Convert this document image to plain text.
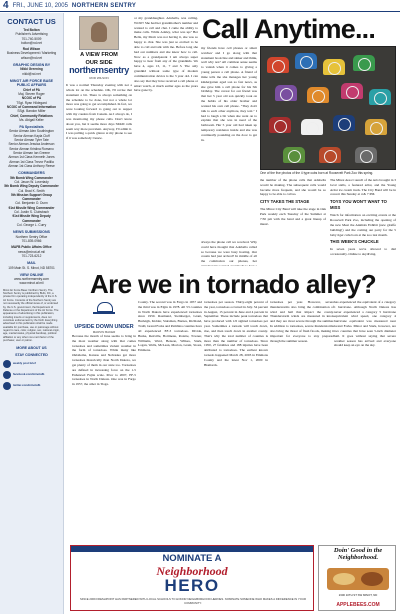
4 FRI., JUNE 10, 2005 NORTHERN SENTRY
CONTACT US
Ted Bolton
Publisher's Advertising
701-740-5009
bolton@nd.net
Rod Wilson
Business Development / Marketing
wilson@nd.net
GRAPHIC DESIGN BY
Nikki Greening
nikki@nd.net
MINOT AIR FORCE BASE PUBLIC AFFAIRS
Chief of PA
Maj. Steven Roger
NCOIC of PA
TSgt. Ryan Hildegard
NCOIC of Command Information
SSgt. Bandon Miller
Chief, Community Relations
Ms. Abigail Keller
PA Specialists
Senior Airman Alex Southington
Senior Airman Kayla Cluff
Senior Airman Tyler Tate
Senior Airman Jessica Anderson
Senior Airman Kristina Romano
Senior Airman Ian Greene
Airman 1st Class Kenneth Jones
Airman 1st Class Trevor Padilla
Airman 1st Class Anthony Reese
COMMANDERS
5th Bomb Wing Commander
Col. Jason W. Loverlady
5th Bomb Wing Deputy Commander
Col. Brad K. Smith
5th Mission Support Group Commander
Col. Benjamin O. Dunn
91st Missile Wing Commander
Col. Justin S. Clubsbach
91st Missile Wing Deputy Commander
Col. George L. Curry
NEWS SUBMISSIONS
Northern Sentry Office
701-839-0966
MAFB Public Affairs Office
news@minot.af.mil
701-723-6212
MAIL
109 Main St. S. Minot, ND 58701
VIEW ONLINE
www.northernsentry.com
www.minot.af.mil
Minot Air Force Base: Northern Sentry. The Northern Sentry is published by BHG, DC, a private firm operating independently of the U.S. Air Force. Contents of the Northern Sentry are not necessarily the official views of, or endorsed by, the U.S. government, the Department of Defense or the Department of the Air Force. The appearance of advertising in this publication, including inserts or supplements, does not constitute endorsement by the DoD. Everything advertised in this publication shall be made available for purchase, use or patronage without regard to race, color, religion, sex, national origin, age, marital status, physical handicap, political affiliation or any other non-merit factor of the purchaser, user or patron.
MORE ABOUT US
STAY CONNECTED
weekly post brief
facebook.com/minotafb
twitter.com/minotafb
A VIEW FROM
OUR SIDE
northernsentry
ROD WILSON
It was a normal Thursday evening with not a whole lot on the schedule. OK, I'll revise that statement a bit. There is always something on the schedule to be done, but not a whole lot more was going to get accomplished. In fact, we were looking forward to going out to supper with my cousins from Canada. As I always do, I was monitoring my phone calls. Don't know about you, but it seems more days SPAM calls seem way more prevalent. Anyway, I'll admit it. I was pulling a quick glance at my phone to see if it was somebody I knew.
or my granddaughter. Adabella, was calling. WOW! She had her grandmother's number and wanted to call and chat. I came the ability to make calls. While Adaley, what was up? Her Bella, my Mom was not having it, she was so happy to chat. She was just so excited to be able to call and talk with me. Before long she had our numbers and she knew how to call. Now as a grandparent I am always super happy to hear from any of the grandkids. We have 4, ages 13, 11, 7 and 3. The only grandkid without some type of modern communication device is the 3 year old. I can also say that they have received a cell phone or smart watch, at much earlier ages as the years have gone by.
my friends have cell phones or smart watches' and I go along with that statement book line and sinker and think, well why not? All common sense seems to vanish when it comes to giving a young person a cell phone. A friend of mine tells me she manages her young kindergarten aged son so fast news, as she gave him a cell phone for his 5th birthday. The caveat for our friend was that her 5 year old son quickly took on the habits of his older brother and wanted his own cell phone. "They don't talk to each other anymore, they text." I had to laugh a bit when she went on to explain that she was in need of the bathroom. Her 5 year old had taken up temporary residence inside and she was continually pounding on the door to get in.
Call Anytime...
One of the five photos of the 4 type cubs born at Roosevelt Park Zoo this spring.
always the phone call we received. Why could have thought that Adabella called so because we were busy hosting. Our cousin had just arrived? In middle of all the commotion our phones, her
the number of the phone calls that Adabella would be making. The subsequent calls would become more frequent, and she would be so happy to be able to call us.
CITY TAKES THE STAGE
The Minot City Band will take the stage in Oak Park weekly each Tuesday of the Summer at 7:30 pm with the band and a great lineup of music.
The Minot Area Council of the Arts brought in 3 local stalls, a featured artist, and the Young Artist ice cream truck. The City Band will be in concert this Sunday at 4 & 7 PM.
TOYS YOU WON'T WANT TO MISS
Watch for information on exciting events at the Roosevelt Park Zoo, including the opening of the new Meet the Animals Exhibit (new giraffe building!) and the coming out party for the 5 baby tiger cubs born at the zoo last month.
THIS WEEK'S CHUCKLE
In seven years we're allowed to dial occasionally. Online to skydiving.
Are we in tornado alley?
UPSIDE DOWN UNDER
MARVIN BAKER
Because the month of June seems to bring in the most weather along with that comes tornadoes and sometimes violent weather in the form of tornadoes. While many like Oklahoma, Kansas and Nebraska get more tornadoes historically than North Dakota, we get plenty of them in our state too. Tornadoes are defined in increasing force on the 1-5 Enhanced Fujita scale. Prior to 2007, EF-5 tornadoes in North Dakota. One was in Fargo in 1957, the other in Tioga.
County. The second was in Fargo in 1957 and the third was in Elgin in 1978. All 53 counties in North Dakota have experienced tornadoes since 1950. Rasmund, Steinberger, Grant, Burleigh, Kidder, Stutsman, Barnes, Richland, Traill, Grand Forks and Pembina counties have all experienced EF-3 tornadoes. Divide, Burke, Renville, Bottineau, Rolette, Towner, Williams, Ward, Benson, Wilkes, Stark, Logan, Wells, McLean, Morton, Grant, Sioux, Emmons.
tornadoes per season. Thirty-eight percent of the year, tornadoes occurred in July. 34 percent in August, 15 percent in June and 4 percent in September. These include peak tornadoes that have produced with 1/6 sighted tornadoes per year. Sometimes a tornado will touch down, rise, and then touch down in another county. That's why the total number of counties is more than the number of tornadoes. Since 1950, 27 fatalities and 188 injuries have been attributed to tornadoes. The earliest known tornado happened March 28, 2003 in Emmons County and the latest Nov 1, 2000 in Bismarck.
tornadoes per year. However, severe thunderstorms also bring the combination of wind and hail that impact the county. Thunderstorm winds are measured in knots and they are most severe through the summer. In addition to tornadoes, severe thunderstorms also bring the threat of flash floods, making it important for everyone to stay prepared through the summer season.
has experienced the equivalent of a category 1 hurricane. Although North Dakota has never experienced a category 5 hurricane equivalent wind speed, one category 4 hurricane equivalent was measured near Grand Forks. Minot and Stark, however, are two counties that have seen 5-inch diameter hail. It goes without saying that severe weather season has arrived and everyone should keep an eye on the sky.
NOMINATE A
Neighborhood
HERO
SINCE 2009 FRESHPOINT HAS PARTNERED WITH LOCAL SCHOOLS TO HONOR NEIGHBORHOOD HEROES. NOMINATE SOMEONE WHO MAKES A DIFFERENCE IN YOUR COMMUNITY.
Doin' Good in the Neighborhood.
2300 10TH ST SW MINOT, ND
APPLEBEES.COM
